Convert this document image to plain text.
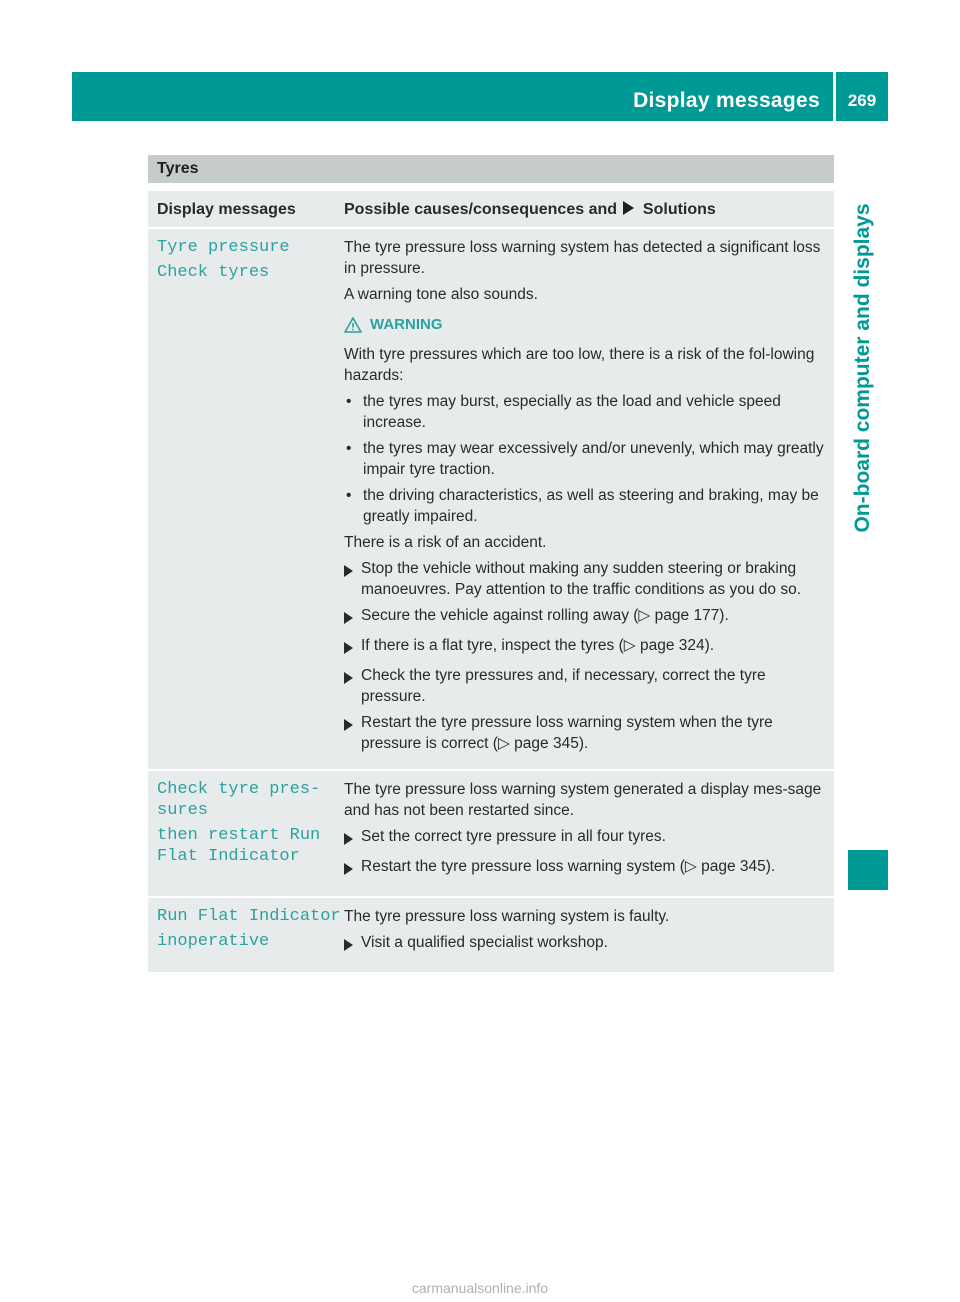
Display messages	269
On-board computer and displays
Tyres
Display messages	Possible causes/consequences and Solutions
Tyre pressure
Check tyres

The tyre pressure loss warning system has detected a significant loss in pressure.

A warning tone also sounds.

WARNING

With tyre pressures which are too low, there is a risk of the fol-lowing hazards:

• the tyres may burst, especially as the load and vehicle speed increase.
• the tyres may wear excessively and/or unevenly, which may greatly impair tyre traction.
• the driving characteristics, as well as steering and braking, may be greatly impaired.

There is a risk of an accident.

Stop the vehicle without making any sudden steering or braking manoeuvres. Pay attention to the traffic conditions as you do so.
Secure the vehicle against rolling away (▷ page 177).
If there is a flat tyre, inspect the tyres (▷ page 324).
Check the tyre pressures and, if necessary, correct the tyre pressure.
Restart the tyre pressure loss warning system when the tyre pressure is correct (▷ page 345).
Check tyre pres‐ sures
then restart Run Flat Indicator

The tyre pressure loss warning system generated a display mes-sage and has not been restarted since.

Set the correct tyre pressure in all four tyres.
Restart the tyre pressure loss warning system (▷ page 345).
Run Flat Indicator
inoperative

The tyre pressure loss warning system is faulty.

Visit a qualified specialist workshop.
carmanualsonline.info
